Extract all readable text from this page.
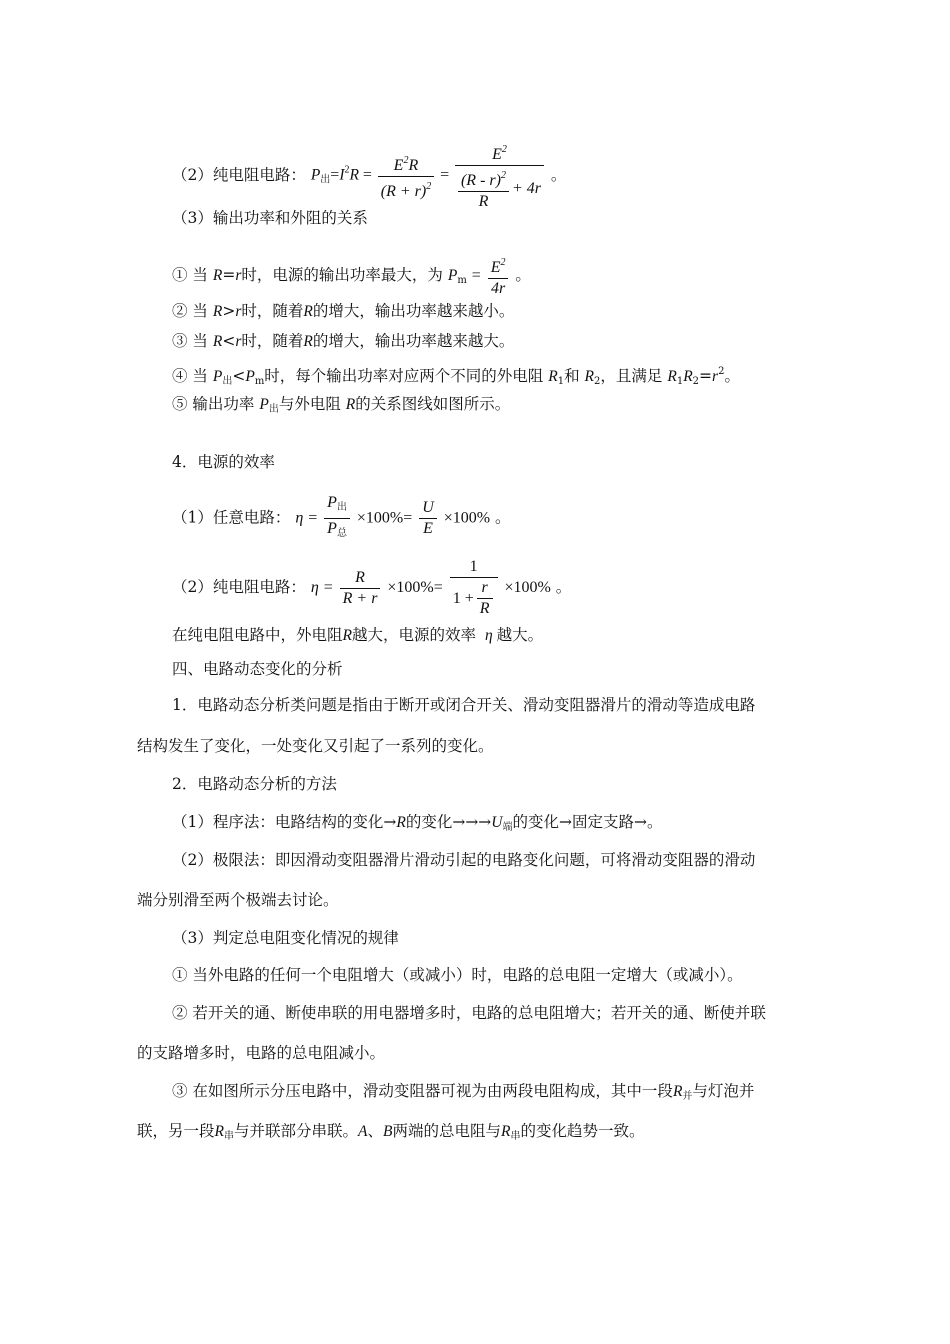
（2）纯电阻电路： $P_出=I^2R = \frac{E^2R}{(R + r)^2} = \frac{E^2}{\frac{(R - r)^2}{R} + 4r}$ 。
（3）输出功率和外阻的关系
① 当 R=r时，电源的输出功率最大，为 $P_m = \frac{E^2}{4r}$ 。
② 当 R>r时，随着R的增大，输出功率越来越小。
③ 当 R<r时，随着R的增大，输出功率越来越大。
④ 当 $P_出<P_m$时，每个输出功率对应两个不同的外电阻 $R_1$和 $R_2$，且满足 $R_1R_2=r^2$。
⑤ 输出功率 $P_出$与外电阻 R的关系图线如图所示。
4．电源的效率
（1）任意电路： $\eta = \frac{P_出}{P_总} \times 100\%= \frac{U}{E} \times 100\%$ 。
（2）纯电阻电路： $\eta = \frac{R}{R + r} \times 100\%= \frac{1}{1 + \frac{r}{R}} \times 100\%$ 。
在纯电阻电路中，外电阻R越大，电源的效率 η 越大。
四、电路动态变化的分析
1．电路动态分析类问题是指由于断开或闭合开关、滑动变阻器滑片的滑动等造成电路
结构发生了变化，一处变化又引起了一系列的变化。
2．电路动态分析的方法
（1）程序法：电路结构的变化→R的变化$\to\to\to U_端$的变化→固定支路→。
（2）极限法：即因滑动变阻器滑片滑动引起的电路变化问题，可将滑动变阻器的滑动
端分别滑至两个极端去讨论。
（3）判定总电阻变化情况的规律
① 当外电路的任何一个电阻增大（或减小）时，电路的总电阻一定增大（或减小）。
② 若开关的通、断使串联的用电器增多时，电路的总电阻增大；若开关的通、断使并联
的支路增多时，电路的总电阻减小。
③ 在如图所示分压电路中，滑动变阻器可视为由两段电阻构成，其中一段$R_并$与灯泡并
联，另一段$R_串$与并联部分串联。A、B两端的总电阻与$R_串$的变化趋势一致。
